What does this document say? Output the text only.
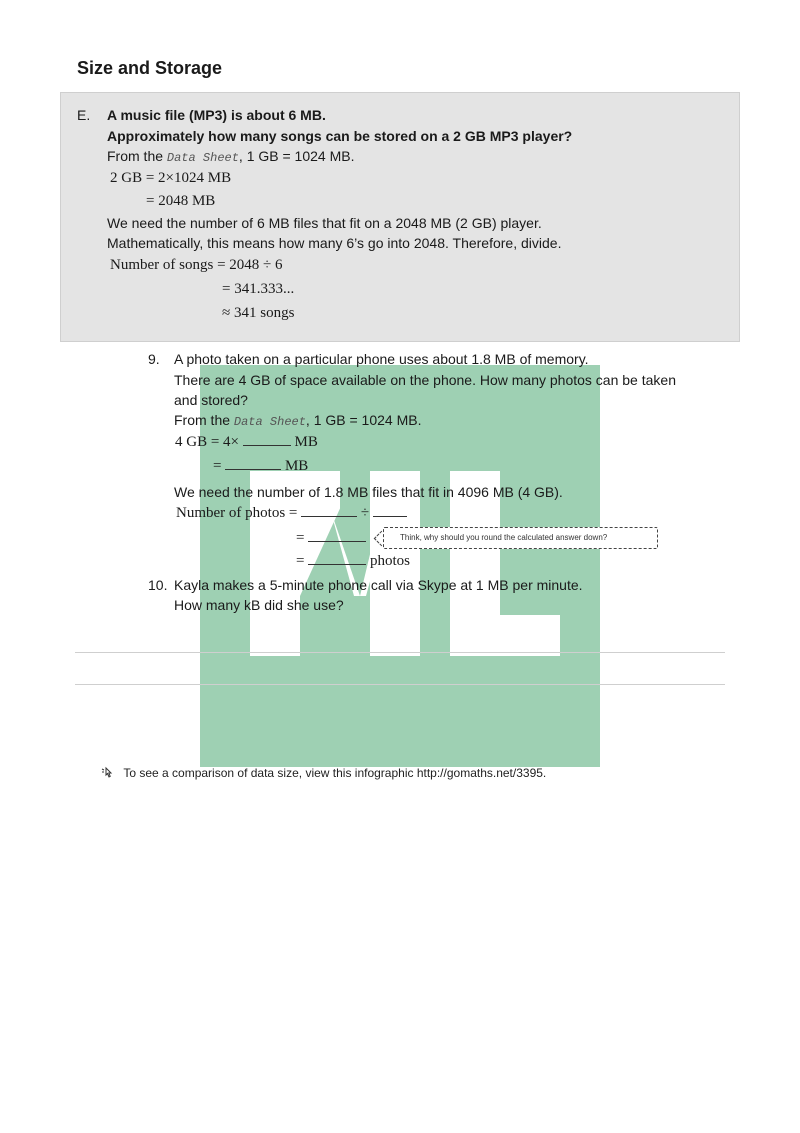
Size and Storage
E. A music file (MP3) is about 6 MB.
Approximately how many songs can be stored on a 2 GB MP3 player?
From the Data Sheet, 1 GB = 1024 MB.
2 GB = 2×1024 MB
= 2048 MB
We need the number of 6 MB files that fit on a 2048 MB (2 GB) player.
Mathematically, this means how many 6’s go into 2048. Therefore, divide.
Number of songs = 2048 ÷ 6
= 341.333...
≈ 341 songs
9. A photo taken on a particular phone uses about 1.8 MB of memory.
There are 4 GB of space available on the phone. How many photos can be taken
and stored?
From the Data Sheet, 1 GB = 1024 MB.
4 GB = 4×	MB
=	MB
We need the number of 1.8 MB files that fit in 4096 MB (4 GB).
Number of photos =	÷
=	Think, why should you round the calculated answer down?
=	photos
10. Kayla makes a 5-minute phone call via Skype at 1 MB per minute.
How many kB did she use?
To see a comparison of data size, view this infographic http://gomaths.net/3395.
